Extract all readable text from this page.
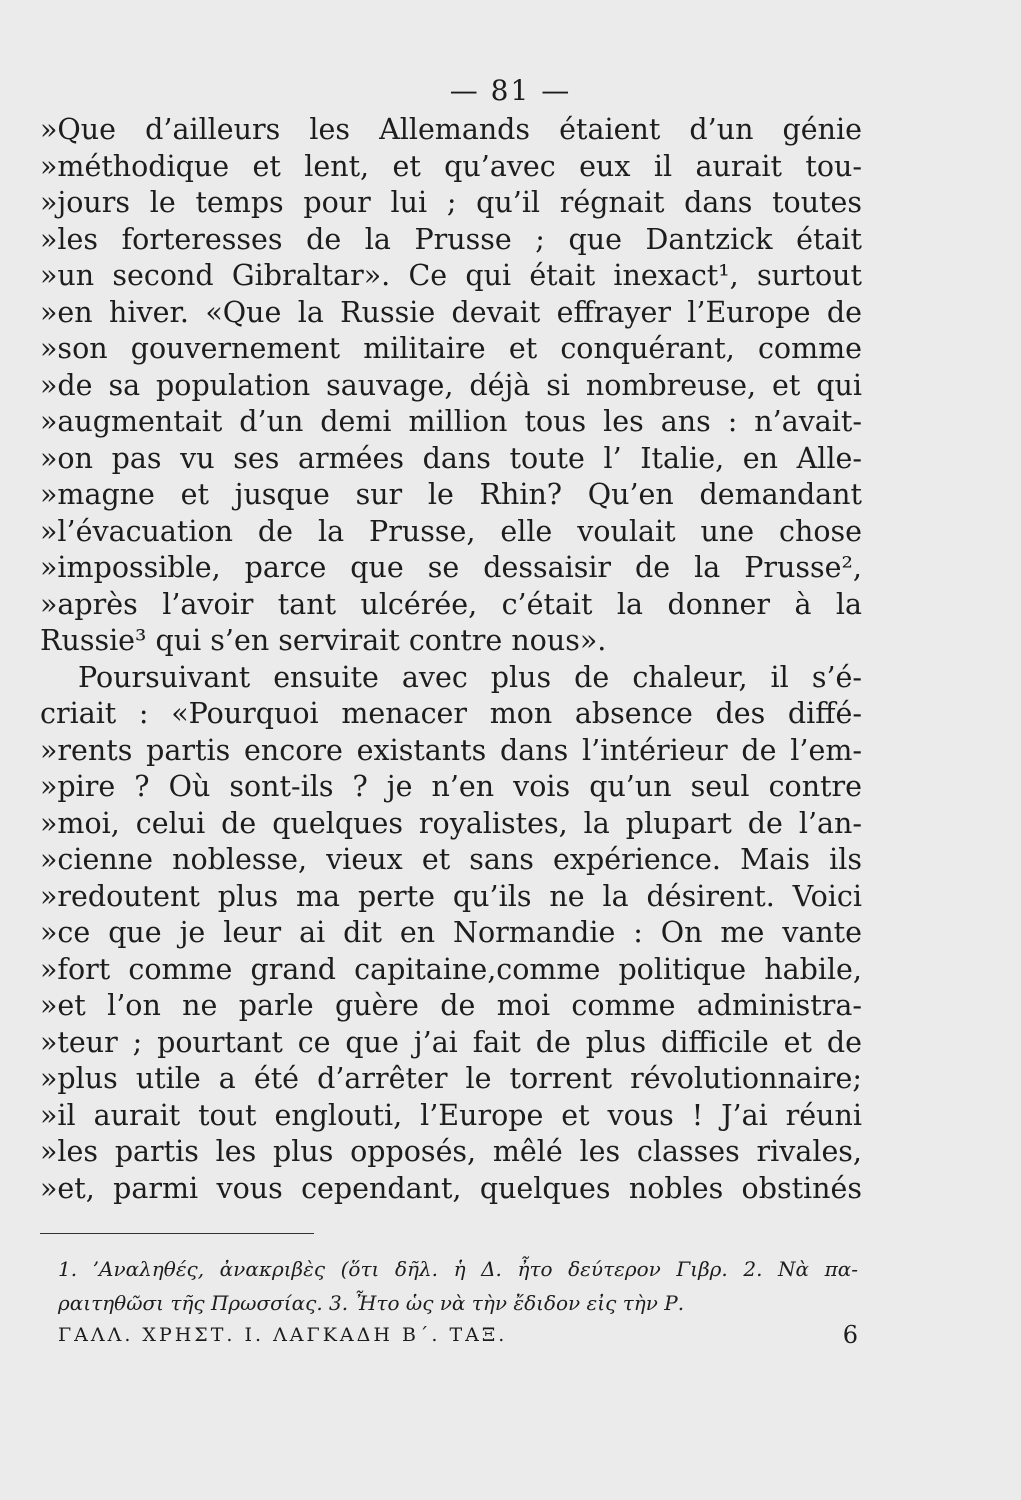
— 81 —
»Que d’ailleurs les Allemands étaient d’un génie
»méthodique et lent, et qu’avec eux il aurait tou-
»jours le temps pour lui ; qu’il régnait dans toutes
»les forteresses de la Prusse ; que Dantzick était
»un second Gibraltar». Ce qui était inexact¹, surtout
»en hiver. «Que la Russie devait effrayer l’Europe de
»son gouvernement militaire et conquérant, comme
»de sa population sauvage, déjà si nombreuse, et qui
»augmentait d’un demi million tous les ans : n’avait-
»on pas vu ses armées dans toute l’ Italie, en Alle-
»magne et jusque sur le Rhin? Qu’en demandant
»l’évacuation de la Prusse, elle voulait une chose
»impossible, parce que se dessaisir de la Prusse²,
»après l’avoir tant ulcérée, c’était la donner à la
Russie³ qui s’en servirait contre nous».
Poursuivant ensuite avec plus de chaleur, il s’é-
criait : «Pourquoi menacer mon absence des diffé-
»rents partis encore existants dans l’intérieur de l’em-
»pire ? Où sont-ils ? je n’en vois qu’un seul contre
»moi, celui de quelques royalistes, la plupart de l’an-
»cienne noblesse, vieux et sans expérience. Mais ils
»redoutent plus ma perte qu’ils ne la désirent. Voici
»ce que je leur ai dit en Normandie : On me vante
»fort comme grand capitaine,comme politique habile,
»et l’on ne parle guère de moi comme administra-
»teur ; pourtant ce que j’ai fait de plus difficile et de
»plus utile a été d’arrêter le torrent révolutionnaire;
»il aurait tout englouti, l’Europe et vous ! J’ai réuni
»les partis les plus opposés, mêlé les classes rivales,
»et, parmi vous cependant, quelques nobles obstinés
1. ’Αναληθές, ἀνακριβὲς (ὅτι δῆλ. ἡ Δ. ἦτο δεύτερον Γιβρ. 2. Νὰ πα-
ραιτηθῶσι τῆς Πρωσσίας. 3. Ἦτο ὡς νὰ τὴν ἔδιδον εἰς τὴν Ρ.
ΓΑΛΛ. ΧΡΗΣΤ. Ι. ΛΑΓΚΑΔΗ Β΄. ΤΑΞ.	6
